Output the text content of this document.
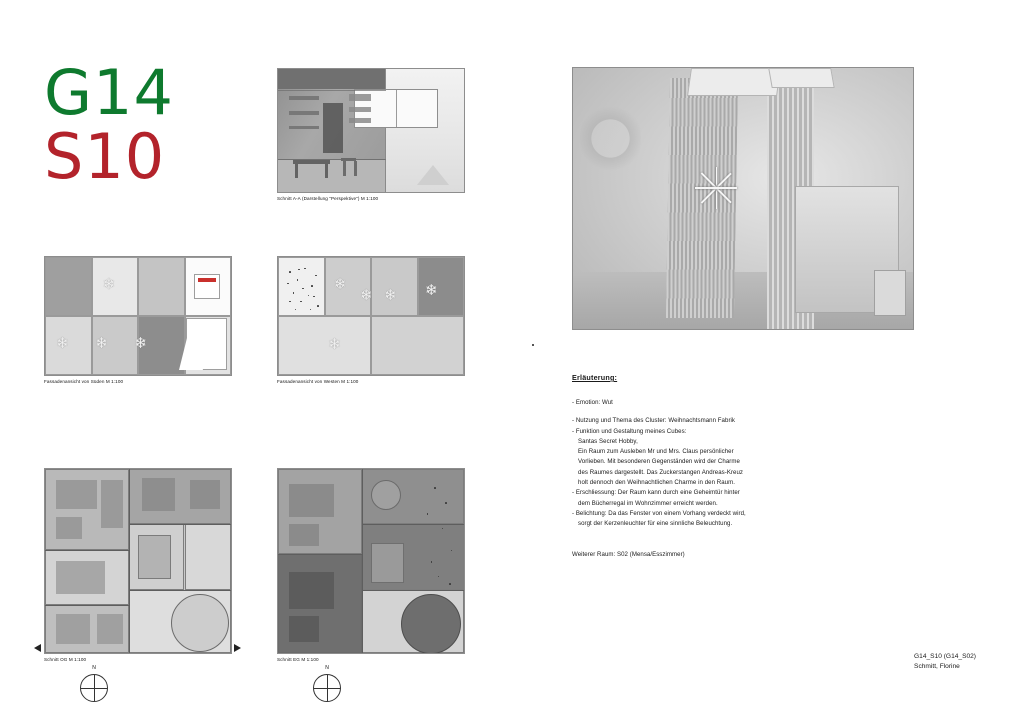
G14
S10
Schnitt A-A (Darstellung "Perspektive") M 1:100
❄
❄ ❄ ❄
Fassadenansicht von Süden M 1:100
❄
❄ ❄ ❄
❄
Fassadenansicht von Westen M 1:100
Schnitt OG M 1:100
N
Schnitt EG M 1:100
N
Erläuterung:

- Emotion: Wut

- Nutzung und Thema des Cluster: Weihnachtsmann Fabrik

- Funktion und Gestaltung meines Cubes:

Santas Secret Hobby,

Ein Raum zum Ausleben Mr und Mrs. Claus persönlicher

Vorlieben. Mit besonderen Gegenständen wird der Charme

des Raumes dargestellt. Das Zuckerstangen Andreas-Kreuz

holt dennoch den Weihnachtlichen Charme in den Raum.

- Erschliessung: Der Raum kann durch eine Geheimtür hinter

dem Bücherregal im Wohnzimmer erreicht werden.

- Belichtung: Da das Fenster von einem Vorhang verdeckt wird,

sorgt der Kerzenleuchter für eine sinnliche Beleuchtung.

Weiterer Raum: S02 (Mensa/Esszimmer)

G14_S10 (G14_S02)
Schmitt, Florine
